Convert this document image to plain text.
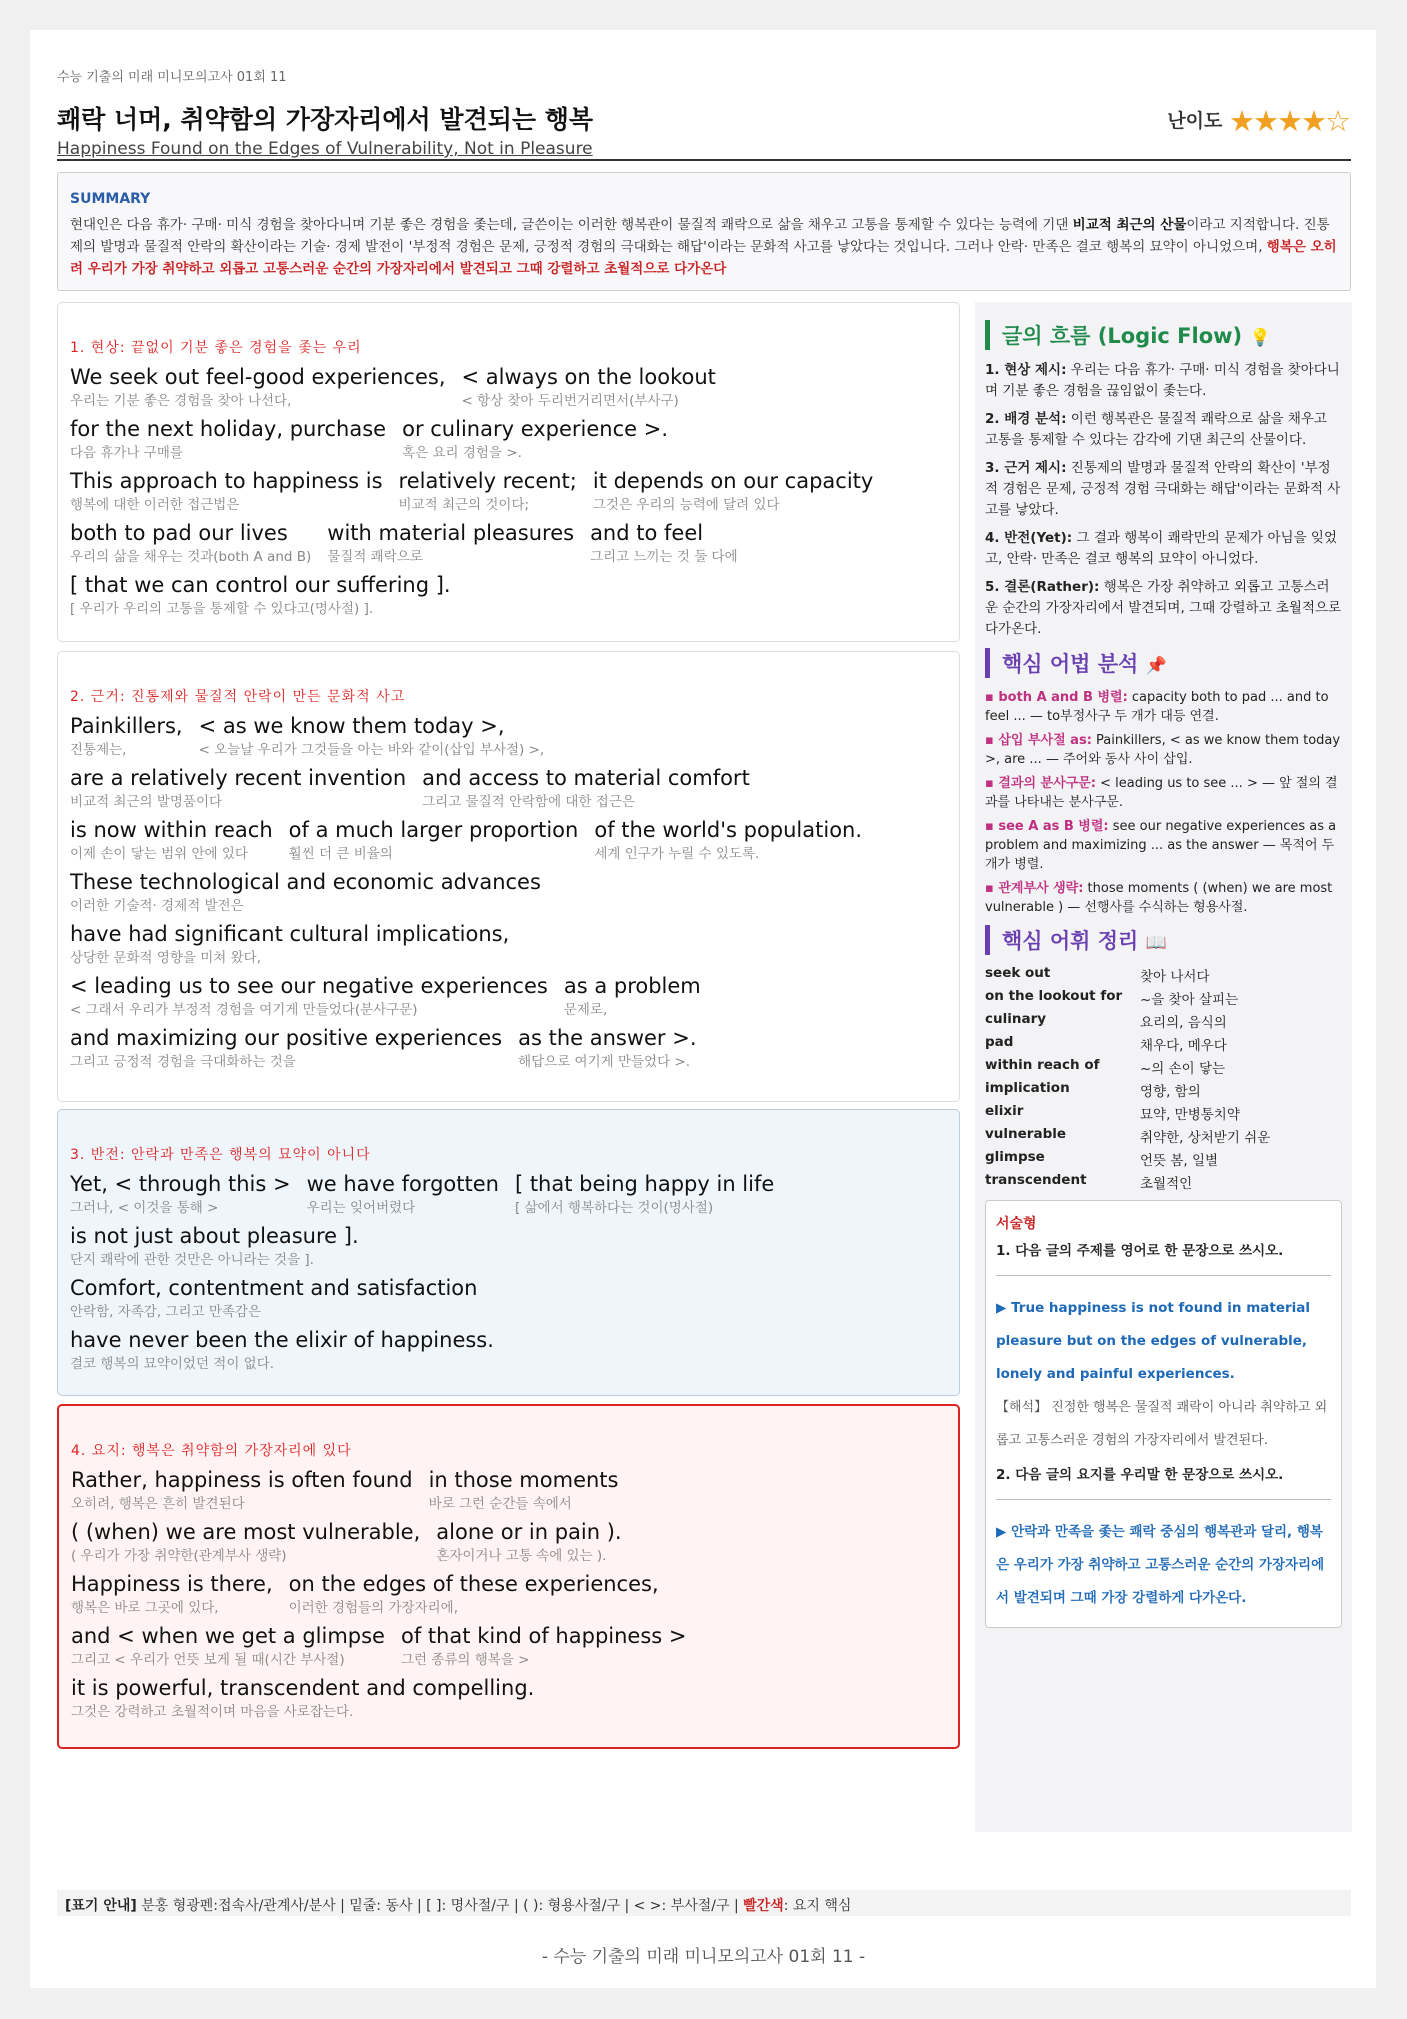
수능 기출의 미래 미니모의고사 01회 11
쾌락 너머, 취약함의 가장자리에서 발견되는 행복
Happiness Found on the Edges of Vulnerability, Not in Pleasure
난이도 ★★★★☆
SUMMARY

현대인은 다음 휴가· 구매· 미식 경험을 찾아다니며 기분 좋은 경험을 좇는데, 글쓴이는 이러한 행복관이 물질적 쾌락으로 삶을 채우고 고통을 통제할 수 있다는 능력에 기댄 비교적 최근의 산물이라고 지적합니다. 진통제의 발명과 물질적 안락의 확산이라는 기술· 경제 발전이 '부정적 경험은 문제, 긍정적 경험의 극대화는 해답'이라는 문화적 사고를 낳았다는 것입니다. 그러나 안락· 만족은 결코 행복의 묘약이 아니었으며, 행복은 오히려 우리가 가장 취약하고 외롭고 고통스러운 순간의 가장자리에서 발견되고 그때 강렬하고 초월적으로 다가온다

1. 현상: 끝없이 기분 좋은 경험을 좇는 우리
We seek out feel-good experiences,
우리는 기분 좋은 경험을 찾아 나선다,
< always on the lookout
< 항상 찾아 두리번거리면서(부사구)
for the next holiday, purchase
다음 휴가나 구매를
or culinary experience >.
혹은 요리 경험을 >.
This approach to happiness is
행복에 대한 이러한 접근법은
relatively recent;
비교적 최근의 것이다;
it depends on our capacity
그것은 우리의 능력에 달려 있다
both to pad our lives
우리의 삶을 채우는 것과(both A and B)
with material pleasures
물질적 쾌락으로
and to feel
그리고 느끼는 것 둘 다에
[ that we can control our suffering ].
[ 우리가 우리의 고통을 통제할 수 있다고(명사절) ].
2. 근거: 진통제와 물질적 안락이 만든 문화적 사고
Painkillers,
진통제는,
< as we know them today >,
< 오늘날 우리가 그것들을 아는 바와 같이(삽입 부사절) >,
are a relatively recent invention
비교적 최근의 발명품이다
and access to material comfort
그리고 물질적 안락함에 대한 접근은
is now within reach
이제 손이 닿는 범위 안에 있다
of a much larger proportion
훨씬 더 큰 비율의
of the world's population.
세계 인구가 누릴 수 있도록.
These technological and economic advances
이러한 기술적· 경제적 발전은
have had significant cultural implications,
상당한 문화적 영향을 미쳐 왔다,
< leading us to see our negative experiences
< 그래서 우리가 부정적 경험을 여기게 만들었다(분사구문)
as a problem
문제로,
and maximizing our positive experiences
그리고 긍정적 경험을 극대화하는 것을
as the answer >.
해답으로 여기게 만들었다 >.
3. 반전: 안락과 만족은 행복의 묘약이 아니다
Yet, < through this >
그러나, < 이것을 통해 >
we have forgotten
우리는 잊어버렸다
[ that being happy in life
[ 삶에서 행복하다는 것이(명사절)
is not just about pleasure ].
단지 쾌락에 관한 것만은 아니라는 것을 ].
Comfort, contentment and satisfaction
안락함, 자족감, 그리고 만족감은
have never been the elixir of happiness.
결코 행복의 묘약이었던 적이 없다.
4. 요지: 행복은 취약함의 가장자리에 있다
Rather, happiness is often found
오히려, 행복은 흔히 발견된다
in those moments
바로 그런 순간들 속에서
( (when) we are most vulnerable,
( 우리가 가장 취약한(관계부사 생략)
alone or in pain ).
혼자이거나 고통 속에 있는 ).
Happiness is there,
행복은 바로 그곳에 있다,
on the edges of these experiences,
이러한 경험들의 가장자리에,
and < when we get a glimpse
그리고 < 우리가 언뜻 보게 될 때(시간 부사절)
of that kind of happiness >
그런 종류의 행복을 >
it is powerful, transcendent and compelling.
그것은 강력하고 초월적이며 마음을 사로잡는다.
글의 흐름 (Logic Flow) 💡
1. 현상 제시: 우리는 다음 휴가· 구매· 미식 경험을 찾아다니며 기분 좋은 경험을 끊임없이 좇는다.
2. 배경 분석: 이런 행복관은 물질적 쾌락으로 삶을 채우고 고통을 통제할 수 있다는 감각에 기댄 최근의 산물이다.
3. 근거 제시: 진통제의 발명과 물질적 안락의 확산이 '부정적 경험은 문제, 긍정적 경험 극대화는 해답'이라는 문화적 사고를 낳았다.
4. 반전(Yet): 그 결과 행복이 쾌락만의 문제가 아님을 잊었고, 안락· 만족은 결코 행복의 묘약이 아니었다.
5. 결론(Rather): 행복은 가장 취약하고 외롭고 고통스러운 순간의 가장자리에서 발견되며, 그때 강렬하고 초월적으로 다가온다.
핵심 어법 분석 📌
▪ both A and B 병렬: capacity both to pad ... and to feel ... — to부정사구 두 개가 대등 연결.
▪ 삽입 부사절 as: Painkillers, < as we know them today >, are ... — 주어와 동사 사이 삽입.
▪ 결과의 분사구문: < leading us to see ... > — 앞 절의 결과를 나타내는 분사구문.
▪ see A as B 병렬: see our negative experiences as a problem and maximizing ... as the answer — 목적어 두 개가 병렬.
▪ 관계부사 생략: those moments ( (when) we are most vulnerable ) — 선행사를 수식하는 형용사절.
핵심 어휘 정리 📖
seek out	찾아 나서다
on the lookout for	~을 찾아 살피는
culinary	요리의, 음식의
pad	채우다, 메우다
within reach of	~의 손이 닿는
implication	영향, 함의
elixir	묘약, 만병통치약
vulnerable	취약한, 상처받기 쉬운
glimpse	언뜻 봄, 일별
transcendent	초월적인
서술형
1. 다음 글의 주제를 영어로 한 문장으로 쓰시오.
▶ True happiness is not found in material pleasure but on the edges of vulnerable, lonely and painful experiences.
【해석】 진정한 행복은 물질적 쾌락이 아니라 취약하고 외롭고 고통스러운 경험의 가장자리에서 발견된다.
2. 다음 글의 요지를 우리말 한 문장으로 쓰시오.
▶ 안락과 만족을 좇는 쾌락 중심의 행복관과 달리, 행복은 우리가 가장 취약하고 고통스러운 순간의 가장자리에서 발견되며 그때 가장 강렬하게 다가온다.
[표기 안내] 분홍 형광펜:접속사/관계사/분사 | 밑줄: 동사 | [ ]: 명사절/구 | ( ): 형용사절/구 | < >: 부사절/구 | 빨간색: 요지 핵심
- 수능 기출의 미래 미니모의고사 01회 11 -
